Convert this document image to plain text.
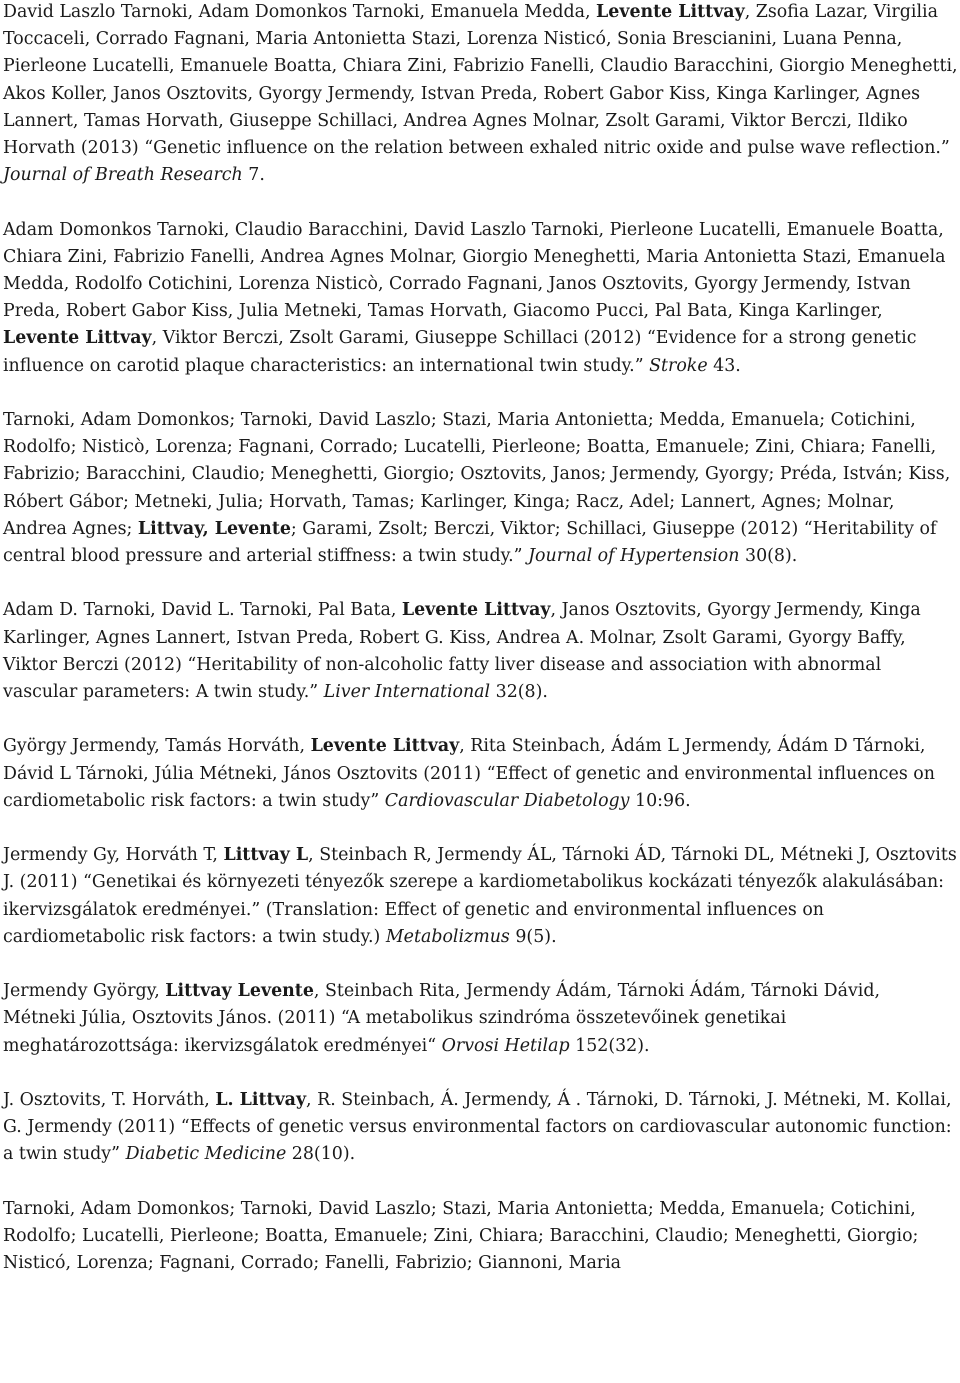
David Laszlo Tarnoki, Adam Domonkos Tarnoki, Emanuela Medda, Levente Littvay, Zsofia Lazar, Virgilia Toccaceli, Corrado Fagnani, Maria Antonietta Stazi, Lorenza Nisticó, Sonia Brescianini, Luana Penna, Pierleone Lucatelli, Emanuele Boatta, Chiara Zini, Fabrizio Fanelli, Claudio Baracchini, Giorgio Meneghetti, Akos Koller, Janos Osztovits, Gyorgy Jermendy, Istvan Preda, Robert Gabor Kiss, Kinga Karlinger, Agnes Lannert, Tamas Horvath, Giuseppe Schillaci, Andrea Agnes Molnar, Zsolt Garami, Viktor Berczi, Ildiko Horvath (2013) “Genetic influence on the relation between exhaled nitric oxide and pulse wave reflection.” Journal of Breath Research 7.

Adam Domonkos Tarnoki, Claudio Baracchini, David Laszlo Tarnoki, Pierleone Lucatelli, Emanuele Boatta, Chiara Zini, Fabrizio Fanelli, Andrea Agnes Molnar, Giorgio Meneghetti, Maria Antonietta Stazi, Emanuela Medda, Rodolfo Cotichini, Lorenza Nisticò, Corrado Fagnani, Janos Osztovits, Gyorgy Jermendy, Istvan Preda, Robert Gabor Kiss, Julia Metneki, Tamas Horvath, Giacomo Pucci, Pal Bata, Kinga Karlinger, Levente Littvay, Viktor Berczi, Zsolt Garami, Giuseppe Schillaci (2012) “Evidence for a strong genetic influence on carotid plaque characteristics: an international twin study.” Stroke 43.

Tarnoki, Adam Domonkos; Tarnoki, David Laszlo; Stazi, Maria Antonietta; Medda, Emanuela; Cotichini, Rodolfo; Nisticò, Lorenza; Fagnani, Corrado; Lucatelli, Pierleone; Boatta, Emanuele; Zini, Chiara; Fanelli, Fabrizio; Baracchini, Claudio; Meneghetti, Giorgio; Osztovits, Janos; Jermendy, Gyorgy; Préda, István; Kiss, Róbert Gábor; Metneki, Julia; Horvath, Tamas; Karlinger, Kinga; Racz, Adel; Lannert, Agnes; Molnar, Andrea Agnes; Littvay, Levente; Garami, Zsolt; Berczi, Viktor; Schillaci, Giuseppe (2012) “Heritability of central blood pressure and arterial stiffness: a twin study.” Journal of Hypertension 30(8).

Adam D. Tarnoki, David L. Tarnoki, Pal Bata, Levente Littvay, Janos Osztovits, Gyorgy Jermendy, Kinga Karlinger, Agnes Lannert, Istvan Preda, Robert G. Kiss, Andrea A. Molnar, Zsolt Garami, Gyorgy Baffy, Viktor Berczi (2012) “Heritability of non-alcoholic fatty liver disease and association with abnormal vascular parameters: A twin study.” Liver International 32(8).

György Jermendy, Tamás Horváth, Levente Littvay, Rita Steinbach, Ádám L Jermendy, Ádám D Tárnoki, Dávid L Tárnoki, Júlia Métneki, János Osztovits (2011) “Effect of genetic and environmental influences on cardiometabolic risk factors: a twin study” Cardiovascular Diabetology 10:96.

Jermendy Gy, Horváth T, Littvay L, Steinbach R, Jermendy ÁL, Tárnoki ÁD, Tárnoki DL, Métneki J, Osztovits J. (2011) “Genetikai és környezeti tényezők szerepe a kardiometabolikus kockázati tényezők alakulásában: ikervizsgálatok eredményei.” (Translation: Effect of genetic and environmental influences on cardiometabolic risk factors: a twin study.) Metabolizmus 9(5).

Jermendy György, Littvay Levente, Steinbach Rita, Jermendy Ádám, Tárnoki Ádám, Tárnoki Dávid, Métneki Júlia, Osztovits János. (2011) “A metabolikus szindróma összetevőinek genetikai meghatározottsága: ikervizsgálatok eredményei“ Orvosi Hetilap 152(32).

J. Osztovits, T. Horváth, L. Littvay, R. Steinbach, Á. Jermendy, Á . Tárnoki, D. Tárnoki, J. Métneki, M. Kollai, G. Jermendy (2011) “Effects of genetic versus environmental factors on cardiovascular autonomic function: a twin study” Diabetic Medicine 28(10).

Tarnoki, Adam Domonkos; Tarnoki, David Laszlo; Stazi, Maria Antonietta; Medda, Emanuela; Cotichini, Rodolfo; Lucatelli, Pierleone; Boatta, Emanuele; Zini, Chiara; Baracchini, Claudio; Meneghetti, Giorgio; Nisticó, Lorenza; Fagnani, Corrado; Fanelli, Fabrizio; Giannoni, Maria
